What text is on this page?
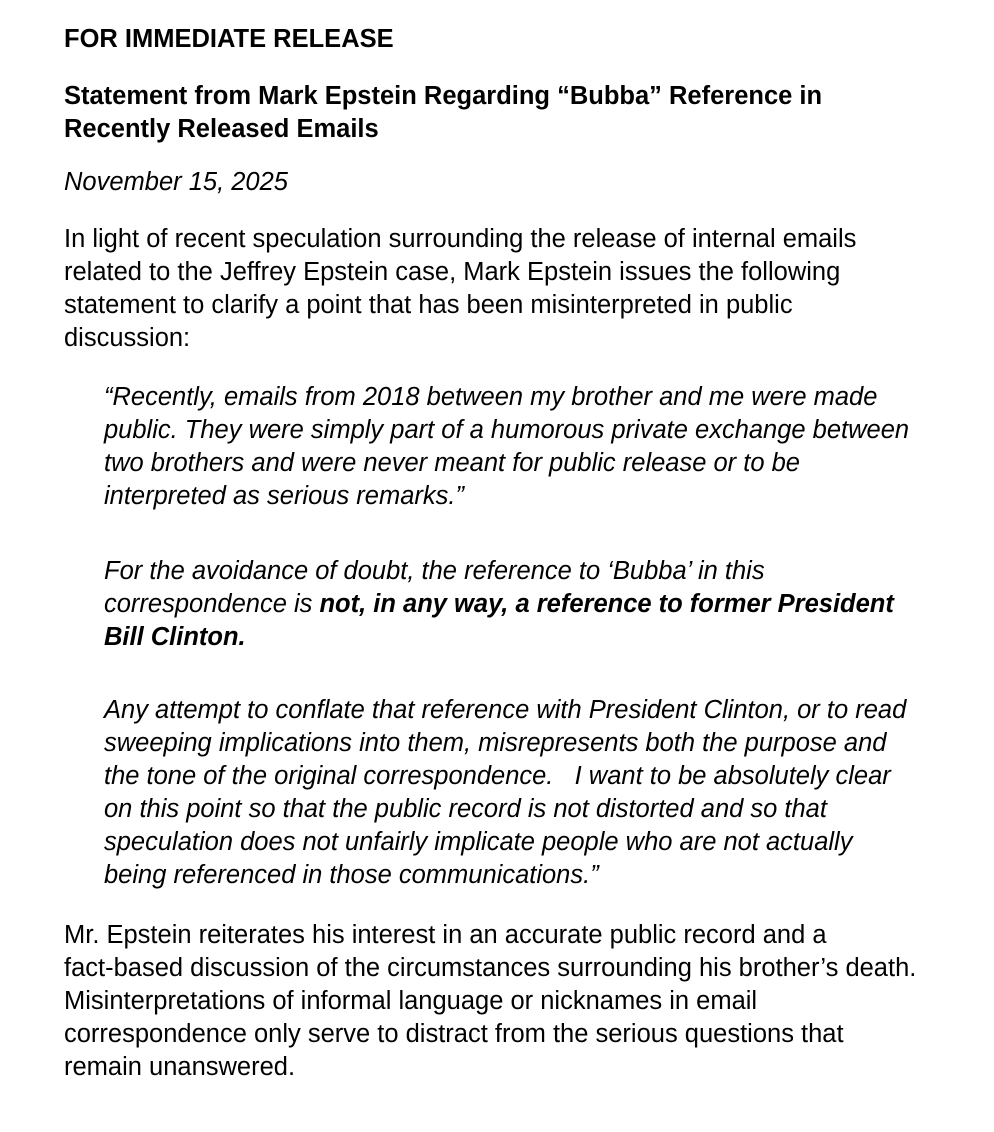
FOR IMMEDIATE RELEASE

Statement from Mark Epstein Regarding “Bubba” Reference in
Recently Released Emails

November 15, 2025

In light of recent speculation surrounding the release of internal emails
related to the Jeffrey Epstein case, Mark Epstein issues the following
statement to clarify a point that has been misinterpreted in public
discussion:

“Recently, emails from 2018 between my brother and me were made
public. They were simply part of a humorous private exchange between
two brothers and were never meant for public release or to be
interpreted as serious remarks.”
For the avoidance of doubt, the reference to ‘Bubba’ in this
correspondence is not, in any way, a reference to former President
Bill Clinton.
Any attempt to conflate that reference with President Clinton, or to read
sweeping implications into them, misrepresents both the purpose and
the tone of the original correspondence.   I want to be absolutely clear
on this point so that the public record is not distorted and so that
speculation does not unfairly implicate people who are not actually
being referenced in those communications.”

Mr. Epstein reiterates his interest in an accurate public record and a
fact-based discussion of the circumstances surrounding his brother’s death.
Misinterpretations of informal language or nicknames in email
correspondence only serve to distract from the serious questions that
remain unanswered.
